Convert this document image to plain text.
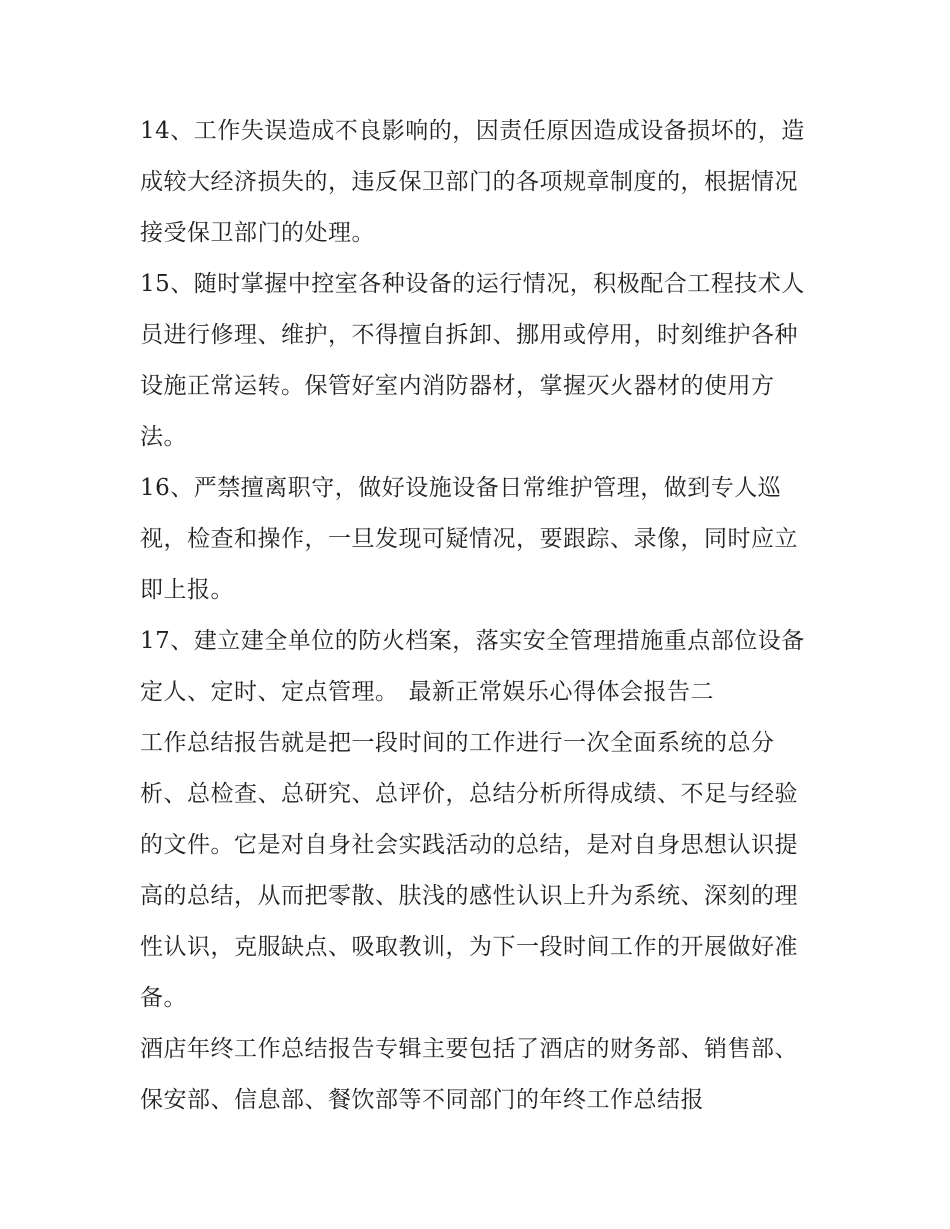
14、工作失误造成不良影响的，因责任原因造成设备损坏的，造成较大经济损失的，违反保卫部门的各项规章制度的，根据情况接受保卫部门的处理。

15、随时掌握中控室各种设备的运行情况，积极配合工程技术人员进行修理、维护，不得擅自拆卸、挪用或停用，时刻维护各种设施正常运转。保管好室内消防器材，掌握灭火器材的使用方法。

16、严禁擅离职守，做好设施设备日常维护管理，做到专人巡视，检查和操作，一旦发现可疑情况，要跟踪、录像，同时应立即上报。

17、建立建全单位的防火档案，落实安全管理措施重点部位设备定人、定时、定点管理。 最新正常娱乐心得体会报告二

工作总结报告就是把一段时间的工作进行一次全面系统的总分析、总检查、总研究、总评价，总结分析所得成绩、不足与经验的文件。它是对自身社会实践活动的总结，是对自身思想认识提高的总结，从而把零散、肤浅的感性认识上升为系统、深刻的理性认识，克服缺点、吸取教训，为下一段时间工作的开展做好准备。

酒店年终工作总结报告专辑主要包括了酒店的财务部、销售部、保安部、信息部、餐饮部等不同部门的年终工作总结报
